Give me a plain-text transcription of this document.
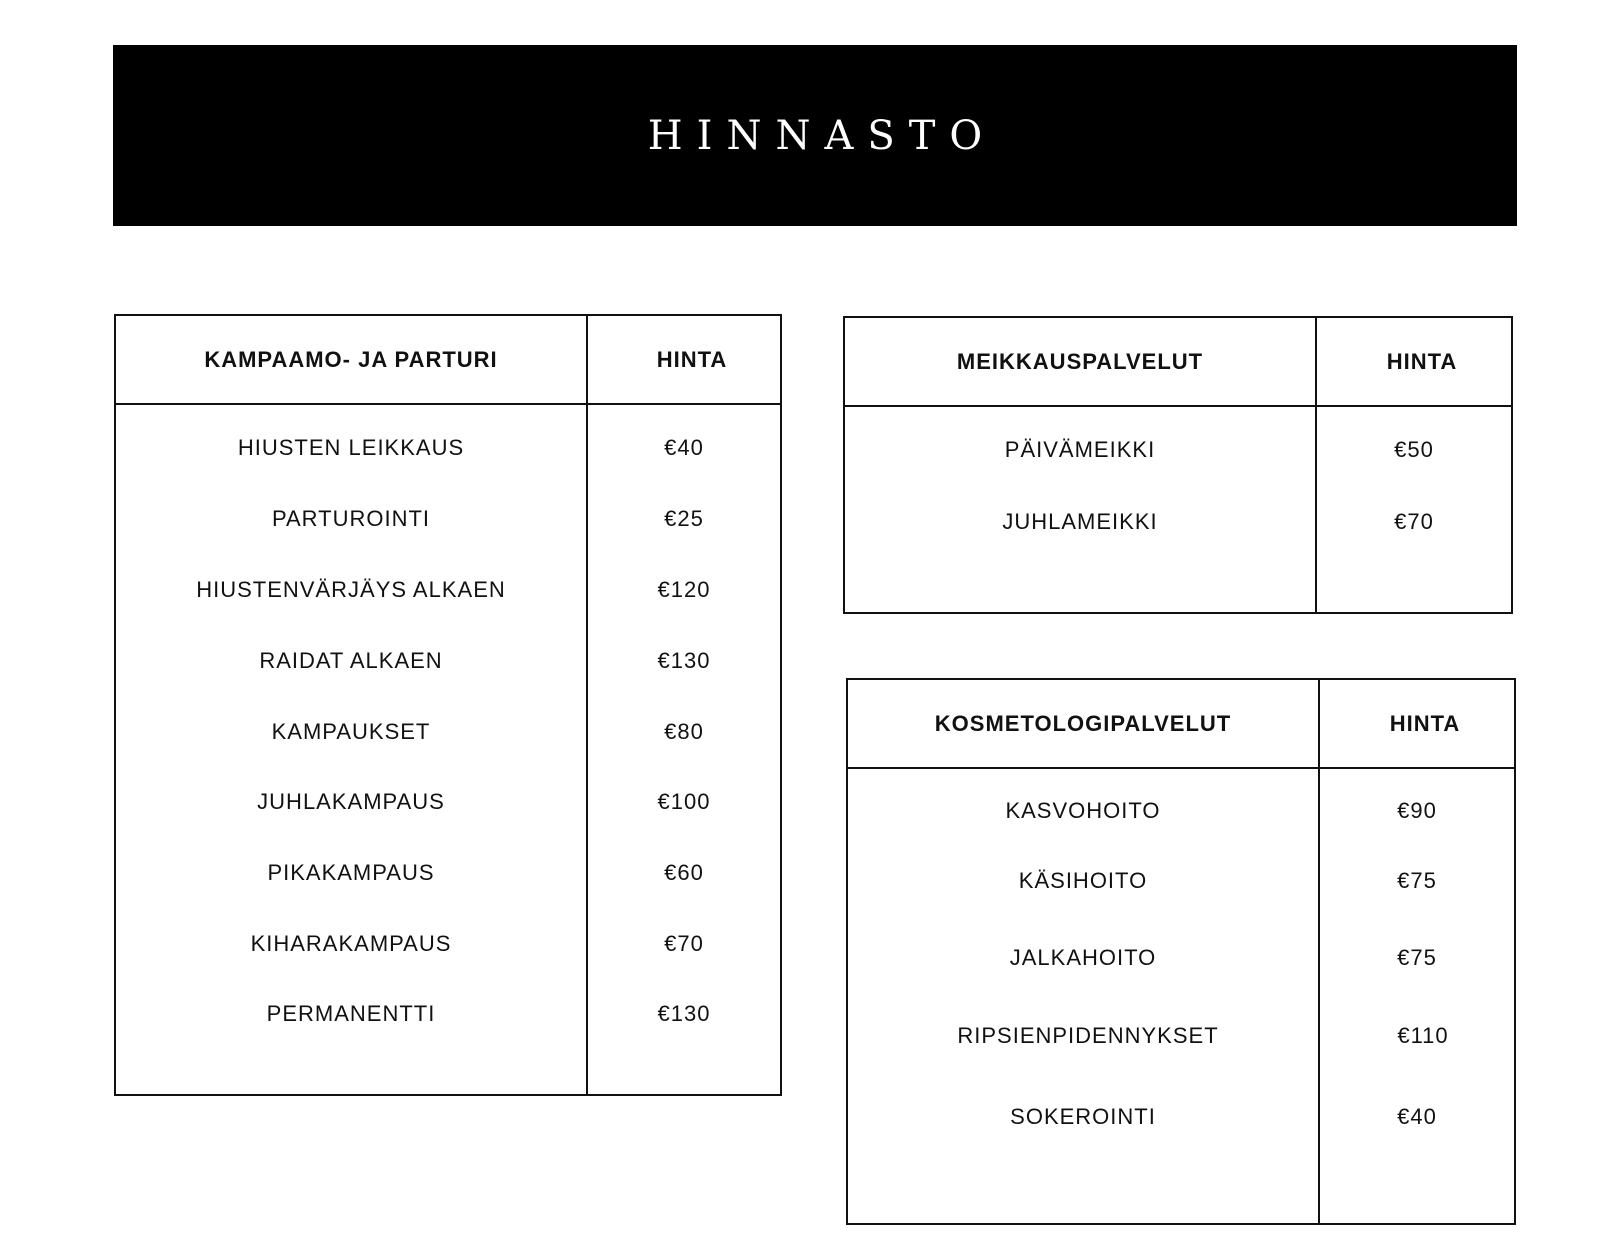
HINNASTO
KAMPAAMO- JA PARTURI	HINTA
HIUSTEN LEIKKAUS	€40
PARTUROINTI	€25
HIUSTENVÄRJÄYS ALKAEN	€120
RAIDAT ALKAEN	€130
KAMPAUKSET	€80
JUHLAKAMPAUS	€100
PIKAKAMPAUS	€60
KIHARAKAMPAUS	€70
PERMANENTTI	€130
MEIKKAUSPALVELUT	HINTA
PÄIVÄMEIKKI	€50
JUHLAMEIKKI	€70
KOSMETOLOGIPALVELUT	HINTA
KASVOHOITO	€90
KÄSIHOITO	€75
JALKAHOITO	€75
RIPSIENPIDENNYKSET	€110
SOKEROINTI	€40
